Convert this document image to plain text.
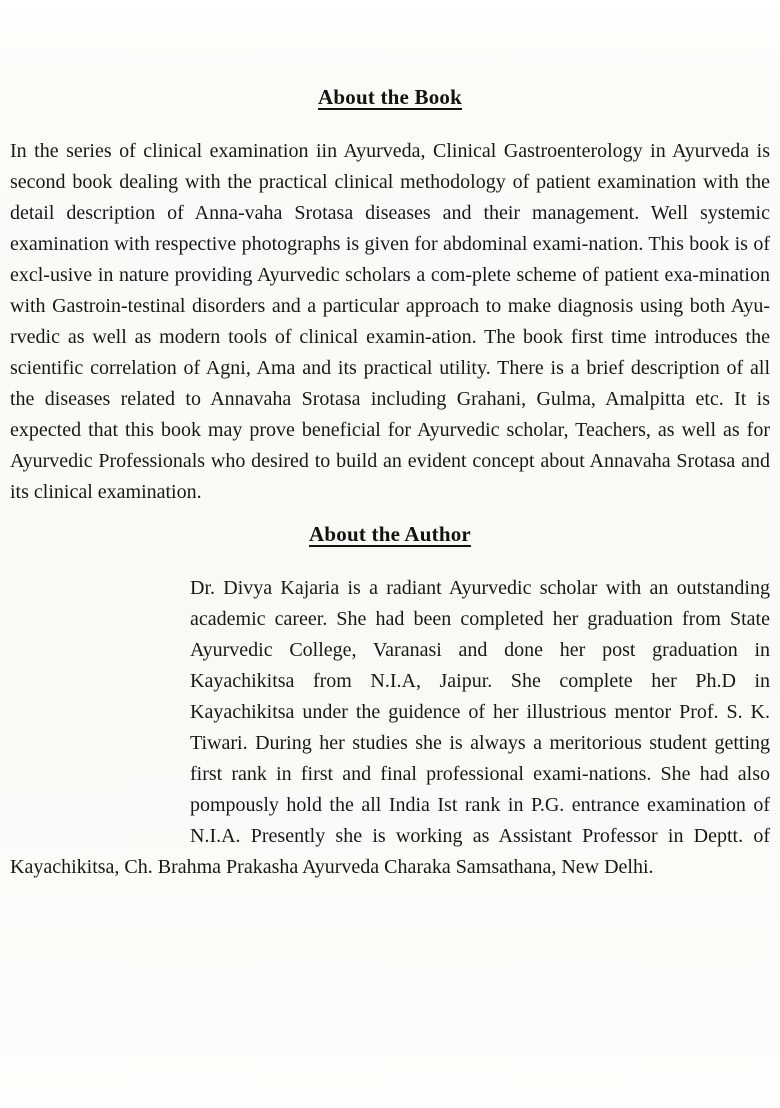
About the Book

In the series of clinical examination iin Ayurveda, Clinical Gastroenterology in Ayurveda is second book dealing with the practical clinical methodology of patient examination with the detail description of Anna-vaha Srotasa diseases and their management. Well systemic examination with respective photographs is given for abdominal exami-nation. This book is of excl-usive in nature providing Ayurvedic scholars a com-plete scheme of patient exa-mination with Gastroin-testinal disorders and a particular approach to make diagnosis using both Ayu-rvedic as well as modern tools of clinical examin-ation. The book first time introduces the scientific correlation of Agni, Ama and its practical utility. There is a brief description of all the diseases related to Annavaha Srotasa including Grahani, Gulma, Amalpitta etc. It is expected that this book may prove beneficial for Ayurvedic scholar, Teachers, as well as for Ayurvedic Professionals who desired to build an evident concept about Annavaha Srotasa and its clinical examination.

About the Author

Dr. Divya Kajaria is a radiant Ayurvedic scholar with an outstanding academic career. She had been completed her graduation from State Ayurvedic College, Varanasi and done her post graduation in Kayachikitsa from N.I.A, Jaipur. She complete her Ph.D in Kayachikitsa under the guidence of her illustrious mentor Prof. S. K. Tiwari. During her studies she is always a meritorious student getting first rank in first and final professional exami-nations. She had also pompously hold the all India Ist rank in P.G. entrance examination of N.I.A. Presently she is working as Assistant Professor in Deptt. of Kayachikitsa, Ch. Brahma Prakasha Ayurveda Charaka Samsathana, New Delhi.
